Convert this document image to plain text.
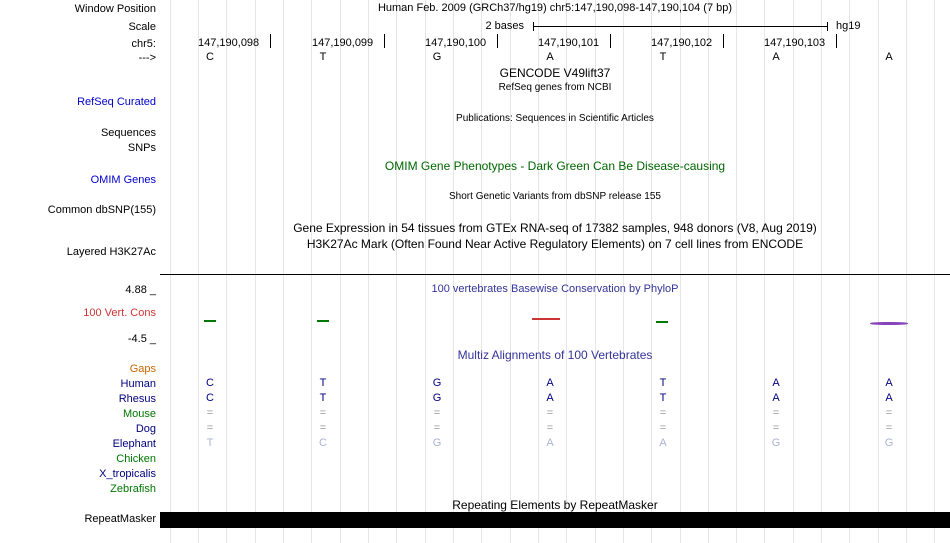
Window Position
Scale
chr5:
--->
RefSeq Curated
Sequences
SNPs
OMIM Genes
Common dbSNP(155)
Layered H3K27Ac
4.88 _
100 Vert. Cons
-4.5 _
Gaps
Human
Rhesus
Mouse
Dog
Elephant
Chicken
X_tropicalis
Zebrafish
RepeatMasker
Human Feb. 2009 (GRCh37/hg19) chr5:147,190,098-147,190,104 (7 bp)
2 bases	hg19
147,190,098	147,190,099	147,190,100	147,190,101	147,190,102	147,190,103
C	T	G	A	T	A	A
GENCODE V49lift37
RefSeq genes from NCBI
Publications: Sequences in Scientific Articles
OMIM Gene Phenotypes - Dark Green Can Be Disease-causing
Short Genetic Variants from dbSNP release 155
Gene Expression in 54 tissues from GTEx RNA-seq of 17382 samples, 948 donors (V8, Aug 2019)
H3K27Ac Mark (Often Found Near Active Regulatory Elements) on 7 cell lines from ENCODE
100 vertebrates Basewise Conservation by PhyloP
Multiz Alignments of 100 Vertebrates
C	T	G	A	T	A	A
C	T	G	A	T	A	A
=	=	=	=	=	=	=
=	=	=	=	=	=	=
T	C	G	A	A	G	G
Repeating Elements by RepeatMasker
